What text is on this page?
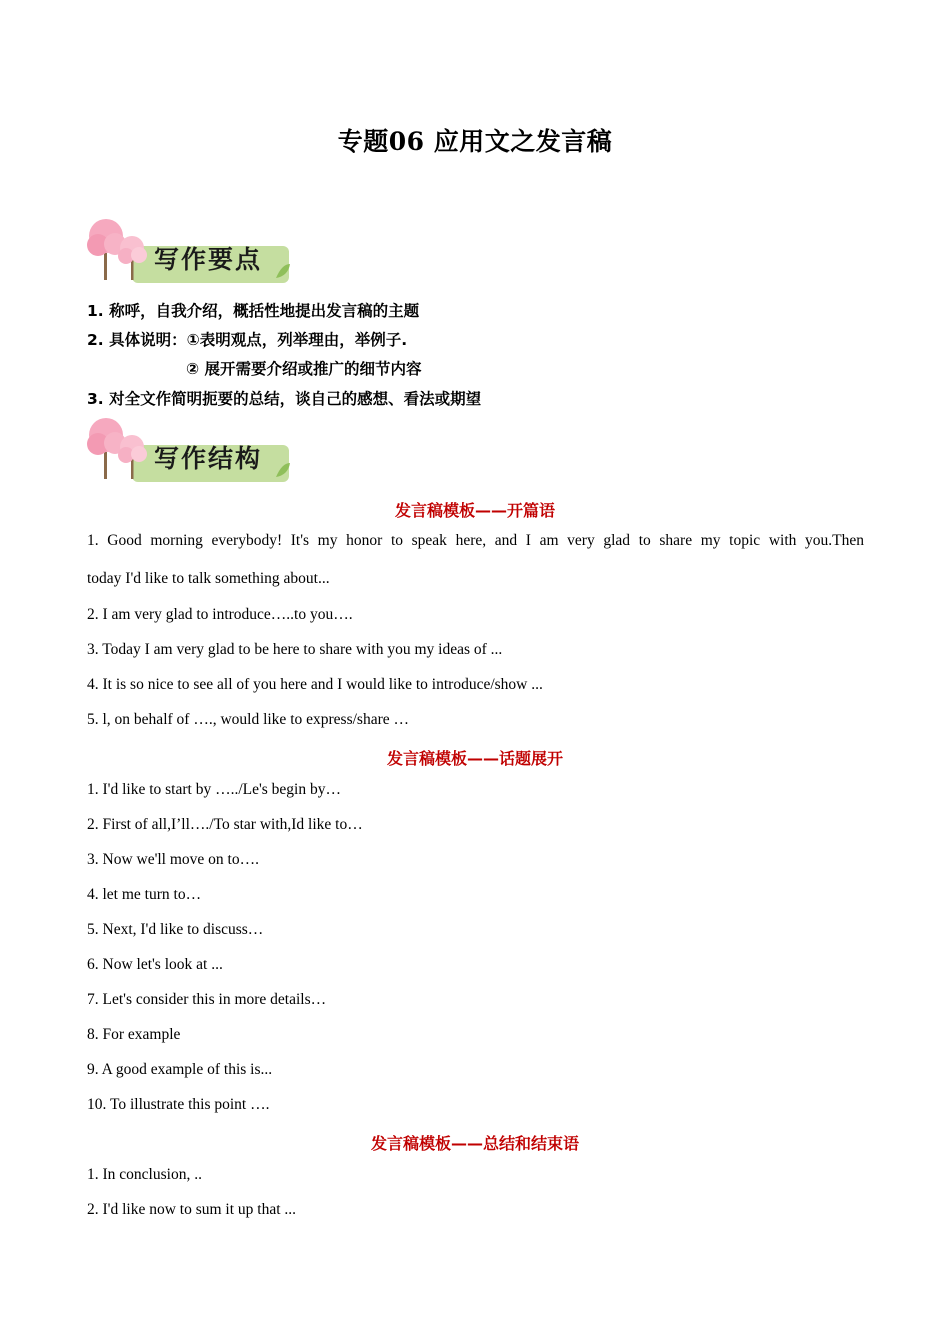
专题06 应用文之发言稿
写作要点
1. 称呼，自我介绍，概括性地提出发言稿的主题
2. 具体说明：①表明观点，列举理由，举例子.
② 展开需要介绍或推广的细节内容
3. 对全文作简明扼要的总结，谈自己的感想、看法或期望
写作结构
发言稿模板——开篇语
1. Good morning everybody! It's my honor to speak here, and I am very glad to share my topic with you.Then
today I'd like to talk something about...
2. I am very glad to introduce…..to you….
3. Today I am very glad to be here to share with you my ideas of ...
4. It is so nice to see all of you here and I would like to introduce/show ...
5. l, on behalf of …., would like to express/share …
发言稿模板——话题展开
1. I'd like to start by …../Le's begin by…
2. First of all,I’ll…./To star with,Id like to…
3. Now we'll move on to….
4. let me turn to…
5. Next, I'd like to discuss…
6. Now let's look at ...
7. Let's consider this in more details…
8. For example
9. A good example of this is...
10. To illustrate this point ….
发言稿模板——总结和结束语
1. In conclusion, ..
2. I'd like now to sum it up that ...
